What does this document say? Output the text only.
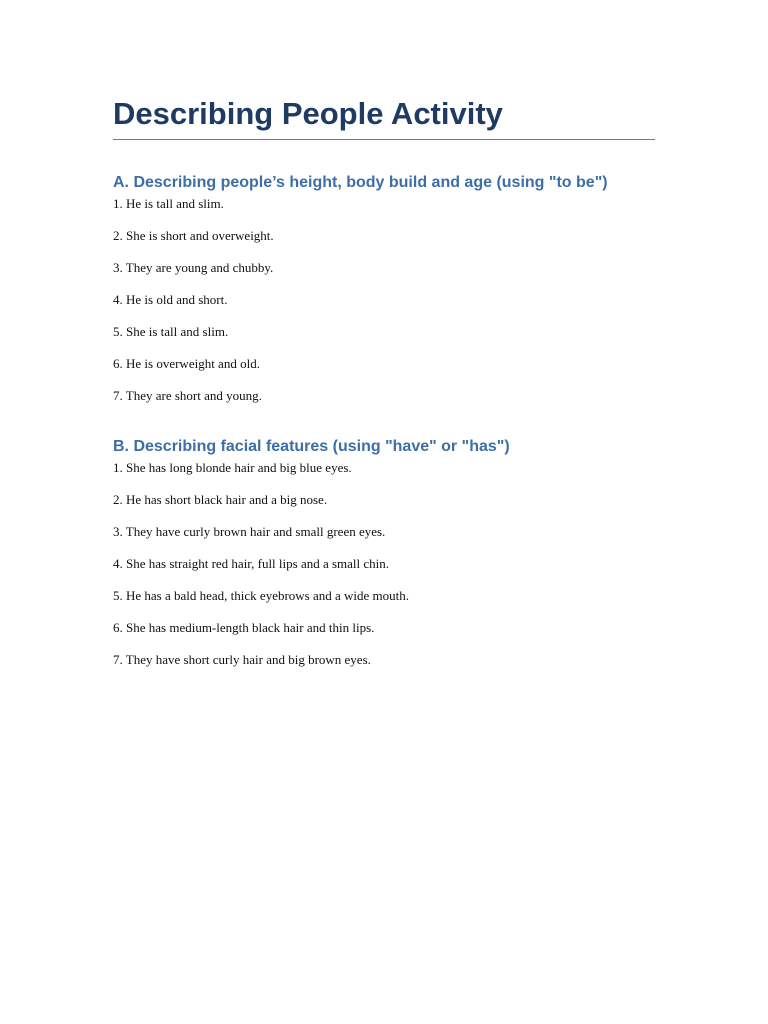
Describing People Activity
A. Describing people’s height, body build and age (using "to be")
1. He is tall and slim.
2. She is short and overweight.
3. They are young and chubby.
4. He is old and short.
5. She is tall and slim.
6. He is overweight and old.
7. They are short and young.
B. Describing facial features (using "have" or "has")
1. She has long blonde hair and big blue eyes.
2. He has short black hair and a big nose.
3. They have curly brown hair and small green eyes.
4. She has straight red hair, full lips and a small chin.
5. He has a bald head, thick eyebrows and a wide mouth.
6. She has medium-length black hair and thin lips.
7. They have short curly hair and big brown eyes.
